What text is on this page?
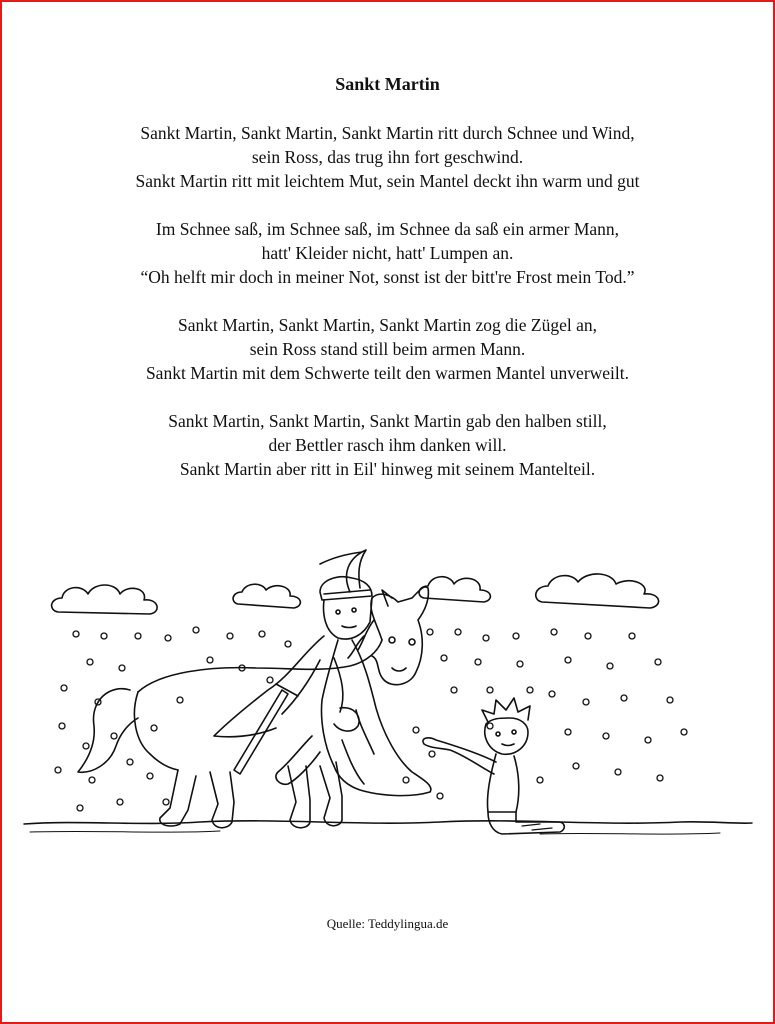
Sankt Martin
Sankt Martin, Sankt Martin, Sankt Martin ritt durch Schnee und Wind,
sein Ross, das trug ihn fort geschwind.
Sankt Martin ritt mit leichtem Mut, sein Mantel deckt ihn warm und gut
Im Schnee saß, im Schnee saß, im Schnee da saß ein armer Mann,
hatt' Kleider nicht, hatt' Lumpen an.
“Oh helft mir doch in meiner Not, sonst ist der bitt're Frost mein Tod.”
Sankt Martin, Sankt Martin, Sankt Martin zog die Zügel an,
sein Ross stand still beim armen Mann.
Sankt Martin mit dem Schwerte teilt den warmen Mantel unverweilt.
Sankt Martin, Sankt Martin, Sankt Martin gab den halben still,
der Bettler rasch ihm danken will.
Sankt Martin aber ritt in Eil' hinweg mit seinem Mantelteil.
Quelle: Teddylingua.de
